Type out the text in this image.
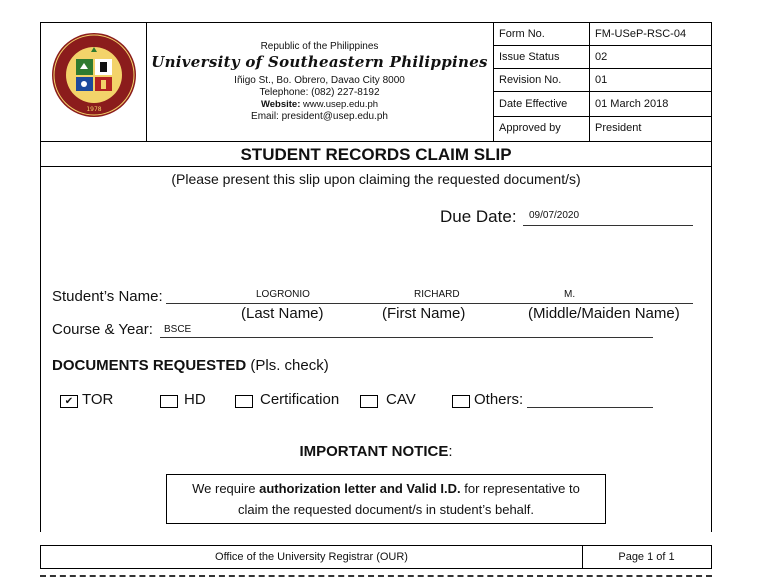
1978
Republic of the Philippines
University of Southeastern Philippines
Iñigo St., Bo. Obrero, Davao City 8000
Telephone: (082) 227-8192
Website: www.usep.edu.ph
Email: president@usep.edu.ph
Form No.	FM-USeP-RSC-04
Issue Status	02
Revision No.	01
Date Effective	01 March 2018
Approved by	President
STUDENT RECORDS CLAIM SLIP
(Please present this slip upon claiming the requested document/s)
Due Date: 09/07/2020
Student’s Name:	LOGRONIO	RICHARD	M.
(Last Name)	(First Name)	(Middle/Maiden Name)
Course & Year: BSCE
DOCUMENTS REQUESTED (Pls. check)
✔ TOR	HD	Certification	CAV	Others:
IMPORTANT NOTICE:
We require authorization letter and Valid I.D. for representative to
claim the requested document/s in student’s behalf.
Office of the University Registrar (OUR)	Page 1 of 1
